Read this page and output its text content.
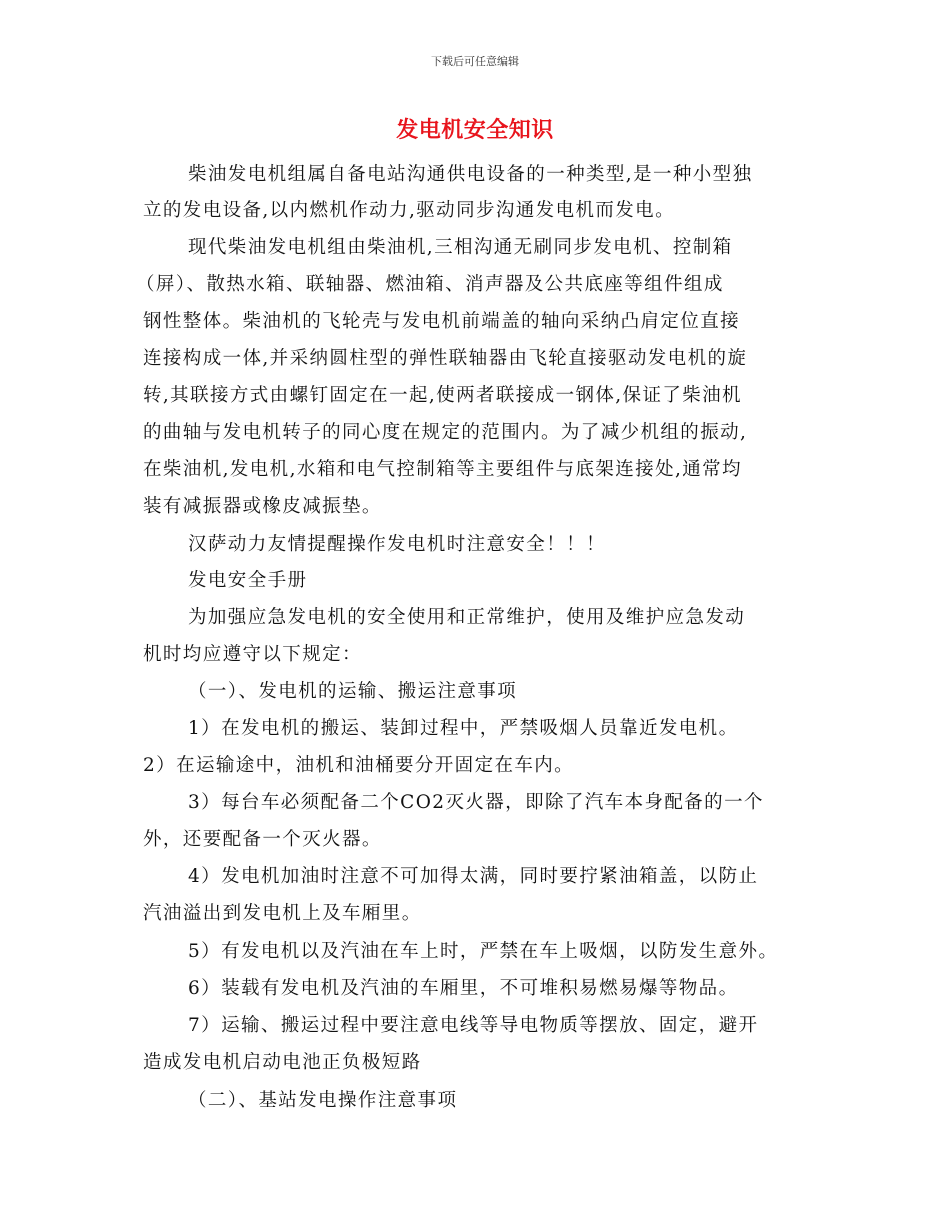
下载后可任意编辑
发电机安全知识
柴油发电机组属自备电站沟通供电设备的一种类型,是一种小型独
立的发电设备,以内燃机作动力,驱动同步沟通发电机而发电。
现代柴油发电机组由柴油机,三相沟通无刷同步发电机、控制箱
（屏）、散热水箱、联轴器、燃油箱、消声器及公共底座等组件组成
钢性整体。柴油机的飞轮壳与发电机前端盖的轴向采纳凸肩定位直接
连接构成一体,并采纳圆柱型的弹性联轴器由飞轮直接驱动发电机的旋
转,其联接方式由螺钉固定在一起,使两者联接成一钢体,保证了柴油机
的曲轴与发电机转子的同心度在规定的范围内。为了减少机组的振动,
在柴油机,发电机,水箱和电气控制箱等主要组件与底架连接处,通常均
装有减振器或橡皮减振垫。
汉萨动力友情提醒操作发电机时注意安全！！！
发电安全手册
为加强应急发电机的安全使用和正常维护，使用及维护应急发动
机时均应遵守以下规定：
（一）、发电机的运输、搬运注意事项
1）在发电机的搬运、装卸过程中，严禁吸烟人员靠近发电机。
2）在运输途中，油机和油桶要分开固定在车内。
3）每台车必须配备二个CO2灭火器，即除了汽车本身配备的一个
外，还要配备一个灭火器。
4）发电机加油时注意不可加得太满，同时要拧紧油箱盖，以防止
汽油溢出到发电机上及车厢里。
5）有发电机以及汽油在车上时，严禁在车上吸烟，以防发生意外。
6）装载有发电机及汽油的车厢里，不可堆积易燃易爆等物品。
7）运输、搬运过程中要注意电线等导电物质等摆放、固定，避开
造成发电机启动电池正负极短路
（二）、基站发电操作注意事项
